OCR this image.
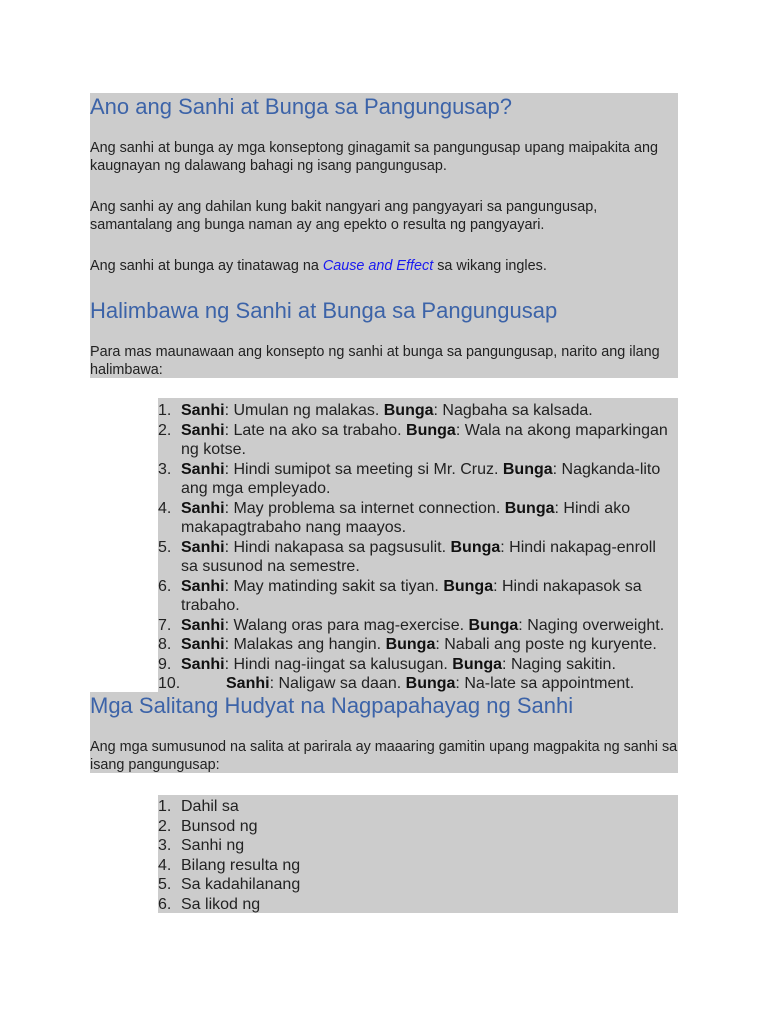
Ano ang Sanhi at Bunga sa Pangungusap?

Ang sanhi at bunga ay mga konseptong ginagamit sa pangungusap upang maipakita ang kaugnayan ng dalawang bahagi ng isang pangungusap.

Ang sanhi ay ang dahilan kung bakit nangyari ang pangyayari sa pangungusap, samantalang ang bunga naman ay ang epekto o resulta ng pangyayari.

Ang sanhi at bunga ay tinatawag na Cause and Effect sa wikang ingles.

Halimbawa ng Sanhi at Bunga sa Pangungusap

Para mas maunawaan ang konsepto ng sanhi at bunga sa pangungusap, narito ang ilang halimbawa:

1. Sanhi: Umulan ng malakas. Bunga: Nagbaha sa kalsada.
2. Sanhi: Late na ako sa trabaho. Bunga: Wala na akong maparkingan ng kotse.
3. Sanhi: Hindi sumipot sa meeting si Mr. Cruz. Bunga: Nagkanda-lito ang mga empleyado.
4. Sanhi: May problema sa internet connection. Bunga: Hindi ako makapagtrabaho nang maayos.
5. Sanhi: Hindi nakapasa sa pagsusulit. Bunga: Hindi nakapag-enroll sa susunod na semestre.
6. Sanhi: May matinding sakit sa tiyan. Bunga: Hindi nakapasok sa trabaho.
7. Sanhi: Walang oras para mag-exercise. Bunga: Naging overweight.
8. Sanhi: Malakas ang hangin. Bunga: Nabali ang poste ng kuryente.
9. Sanhi: Hindi nag-iingat sa kalusugan. Bunga: Naging sakitin.
10.	Sanhi: Naligaw sa daan. Bunga: Na-late sa appointment.
Mga Salitang Hudyat na Nagpapahayag ng Sanhi

Ang mga sumusunod na salita at parirala ay maaaring gamitin upang magpakita ng sanhi sa isang pangungusap:

1. Dahil sa
2. Bunsod ng
3. Sanhi ng
4. Bilang resulta ng
5. Sa kadahilanang
6. Sa likod ng
